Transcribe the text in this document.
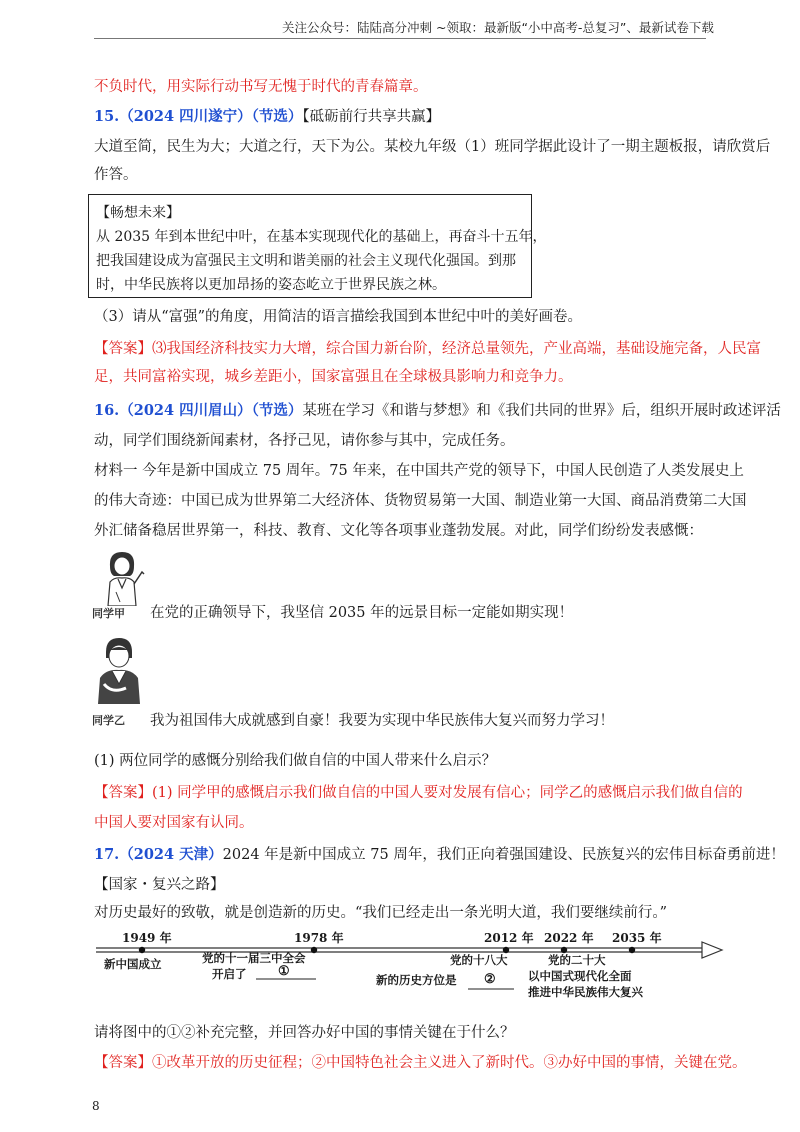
关注公众号：陆陆高分冲刺 ~领取：最新版“小中高考-总复习”、最新试卷下载
不负时代，用实际行动书写无愧于时代的青春篇章。
15.（2024 四川遂宁）（节选）【砥砺前行共享共赢】
大道至简，民生为大；大道之行，天下为公。某校九年级（1）班同学据此设计了一期主题板报，请欣赏后
作答。
【畅想未来】
从 2035 年到本世纪中叶，在基本实现现代化的基础上，再奋斗十五年，
把我国建设成为富强民主文明和谐美丽的社会主义现代化强国。到那
时，中华民族将以更加昂扬的姿态屹立于世界民族之林。
（3）请从“富强”的角度，用简洁的语言描绘我国到本世纪中叶的美好画卷。
【答案】⑶我国经济科技实力大增，综合国力新台阶，经济总量领先，产业高端，基础设施完备，人民富
足，共同富裕实现，城乡差距小，国家富强且在全球极具影响力和竞争力。
16.（2024 四川眉山）（节选）某班在学习《和谐与梦想》和《我们共同的世界》后，组织开展时政述评活
动，同学们围绕新闻素材，各抒己见，请你参与其中，完成任务。
材料一 今年是新中国成立 75 周年。75 年来，在中国共产党的领导下，中国人民创造了人类发展史上
的伟大奇迹：中国已成为世界第二大经济体、货物贸易第一大国、制造业第一大国、商品消费第二大国
外汇储备稳居世界第一，科技、教育、文化等各项事业蓬勃发展。对此，同学们纷纷发表感慨：
同学甲 在党的正确领导下，我坚信 2035 年的远景目标一定能如期实现！
同学乙 我为祖国伟大成就感到自豪！我要为实现中华民族伟大复兴而努力学习！
(1) 两位同学的感慨分别给我们做自信的中国人带来什么启示？
【答案】(1) 同学甲的感慨启示我们做自信的中国人要对发展有信心；同学乙的感慨启示我们做自信的
中国人要对国家有认同。
17.（2024 天津）2024 年是新中国成立 75 周年，我们正向着强国建设、民族复兴的宏伟目标奋勇前进！
【国家・复兴之路】
对历史最好的致敬，就是创造新的历史。“我们已经走出一条光明大道，我们要继续前行。”
1949 年	1978 年	2012 年 2022 年 2035 年
新中国成立	党的十一届三中全会
开启了 ①
党的十八大
新的历史方位是 ②
党的二十大
以中国式现代化全面
推进中华民族伟大复兴
请将图中的①②补充完整，并回答办好中国的事情关键在于什么？
【答案】①改革开放的历史征程；②中国特色社会主义进入了新时代。③办好中国的事情，关键在党。
8
